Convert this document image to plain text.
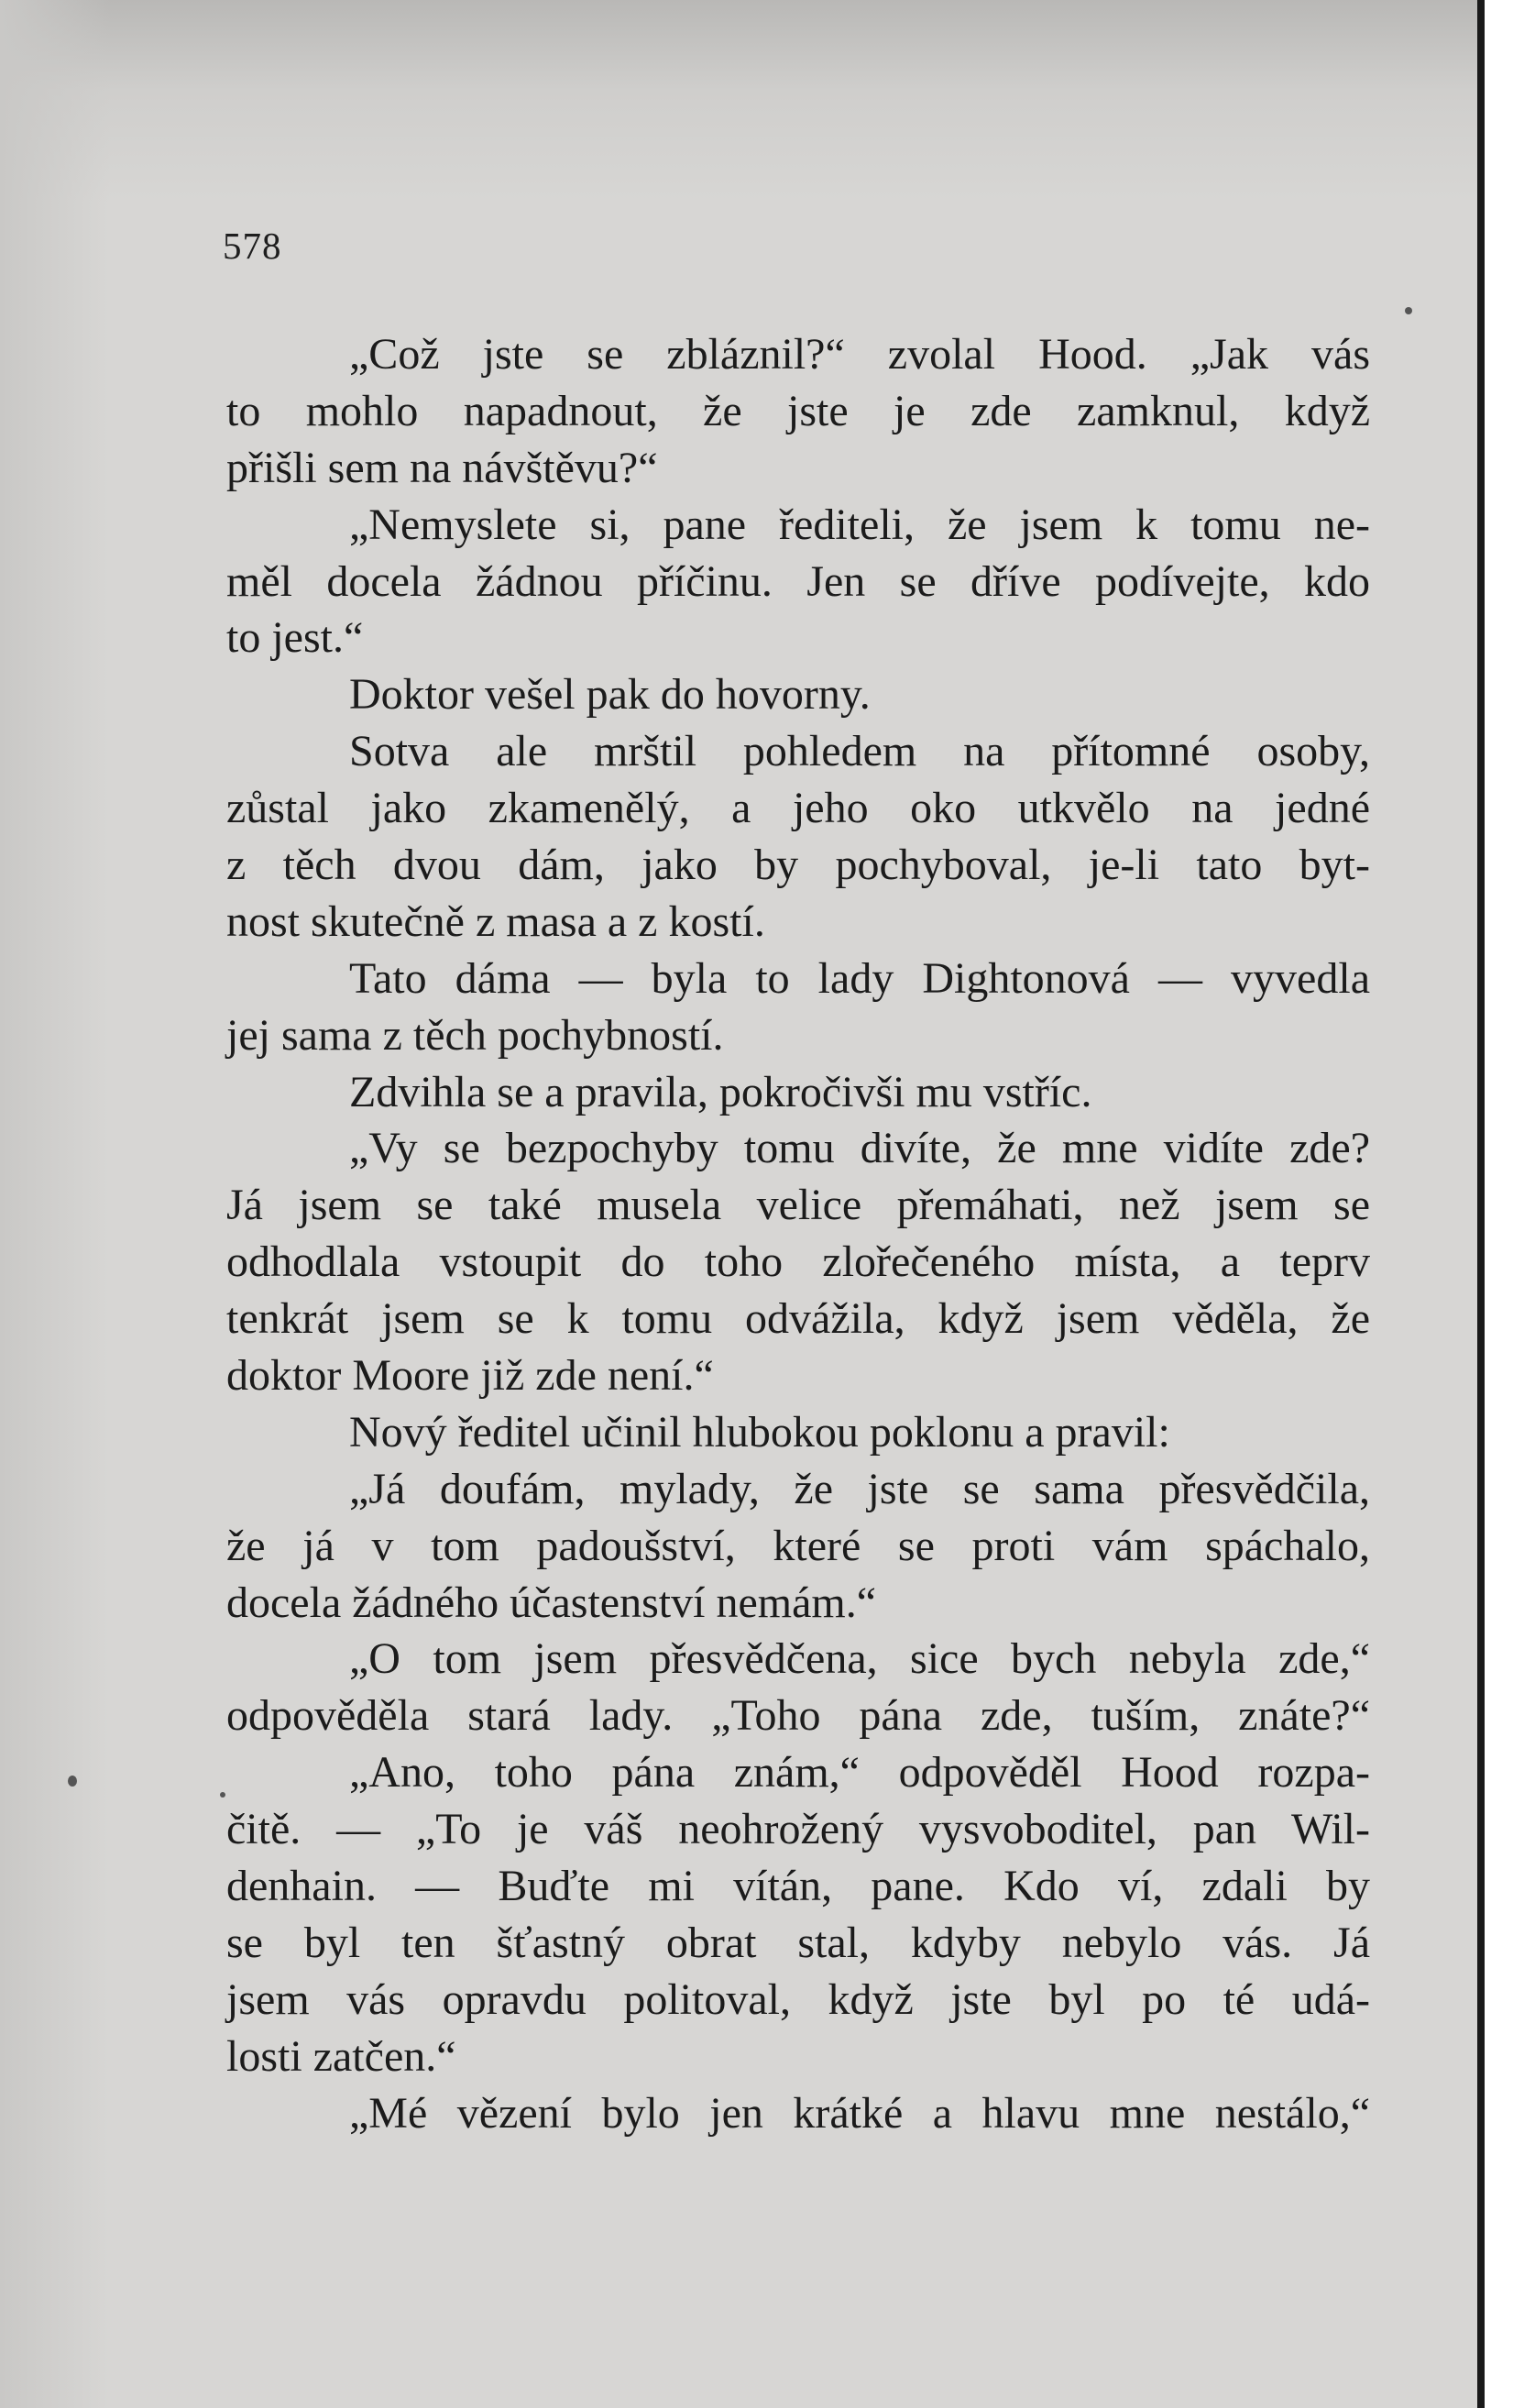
578
„Což jste se zbláznil?“ zvolal Hood. „Jak vás
to mohlo napadnout, že jste je zde zamknul, když
přišli sem na návštěvu?“
„Nemyslete si, pane řediteli, že jsem k tomu ne-
měl docela žádnou příčinu. Jen se dříve podívejte, kdo
to jest.“
Doktor vešel pak do hovorny.
Sotva ale mrštil pohledem na přítomné osoby,
zůstal jako zkamenělý, a jeho oko utkvělo na jedné
z těch dvou dám, jako by pochyboval, je-li tato byt-
nost skutečně z masa a z kostí.
Tato dáma — byla to lady Dightonová — vyvedla
jej sama z těch pochybností.
Zdvihla se a pravila, pokročivši mu vstříc.
„Vy se bezpochyby tomu divíte, že mne vidíte zde?
Já jsem se také musela velice přemáhati, než jsem se
odhodlala vstoupit do toho zlořečeného místa, a teprv
tenkrát jsem se k tomu odvážila, když jsem věděla, že
doktor Moore již zde není.“
Nový ředitel učinil hlubokou poklonu a pravil:
„Já doufám, mylady, že jste se sama přesvědčila,
že já v tom padoušství, které se proti vám spáchalo,
docela žádného účastenství nemám.“
„O tom jsem přesvědčena, sice bych nebyla zde,“
odpověděla stará lady. „Toho pána zde, tuším, znáte?“
„Ano, toho pána znám,“ odpověděl Hood rozpa-
čitě. — „To je váš neohrožený vysvoboditel, pan Wil-
denhain. — Buďte mi vítán, pane. Kdo ví, zdali by
se byl ten šťastný obrat stal, kdyby nebylo vás. Já
jsem vás opravdu politoval, když jste byl po té udá-
losti zatčen.“
„Mé vězení bylo jen krátké a hlavu mne nestálo,“
